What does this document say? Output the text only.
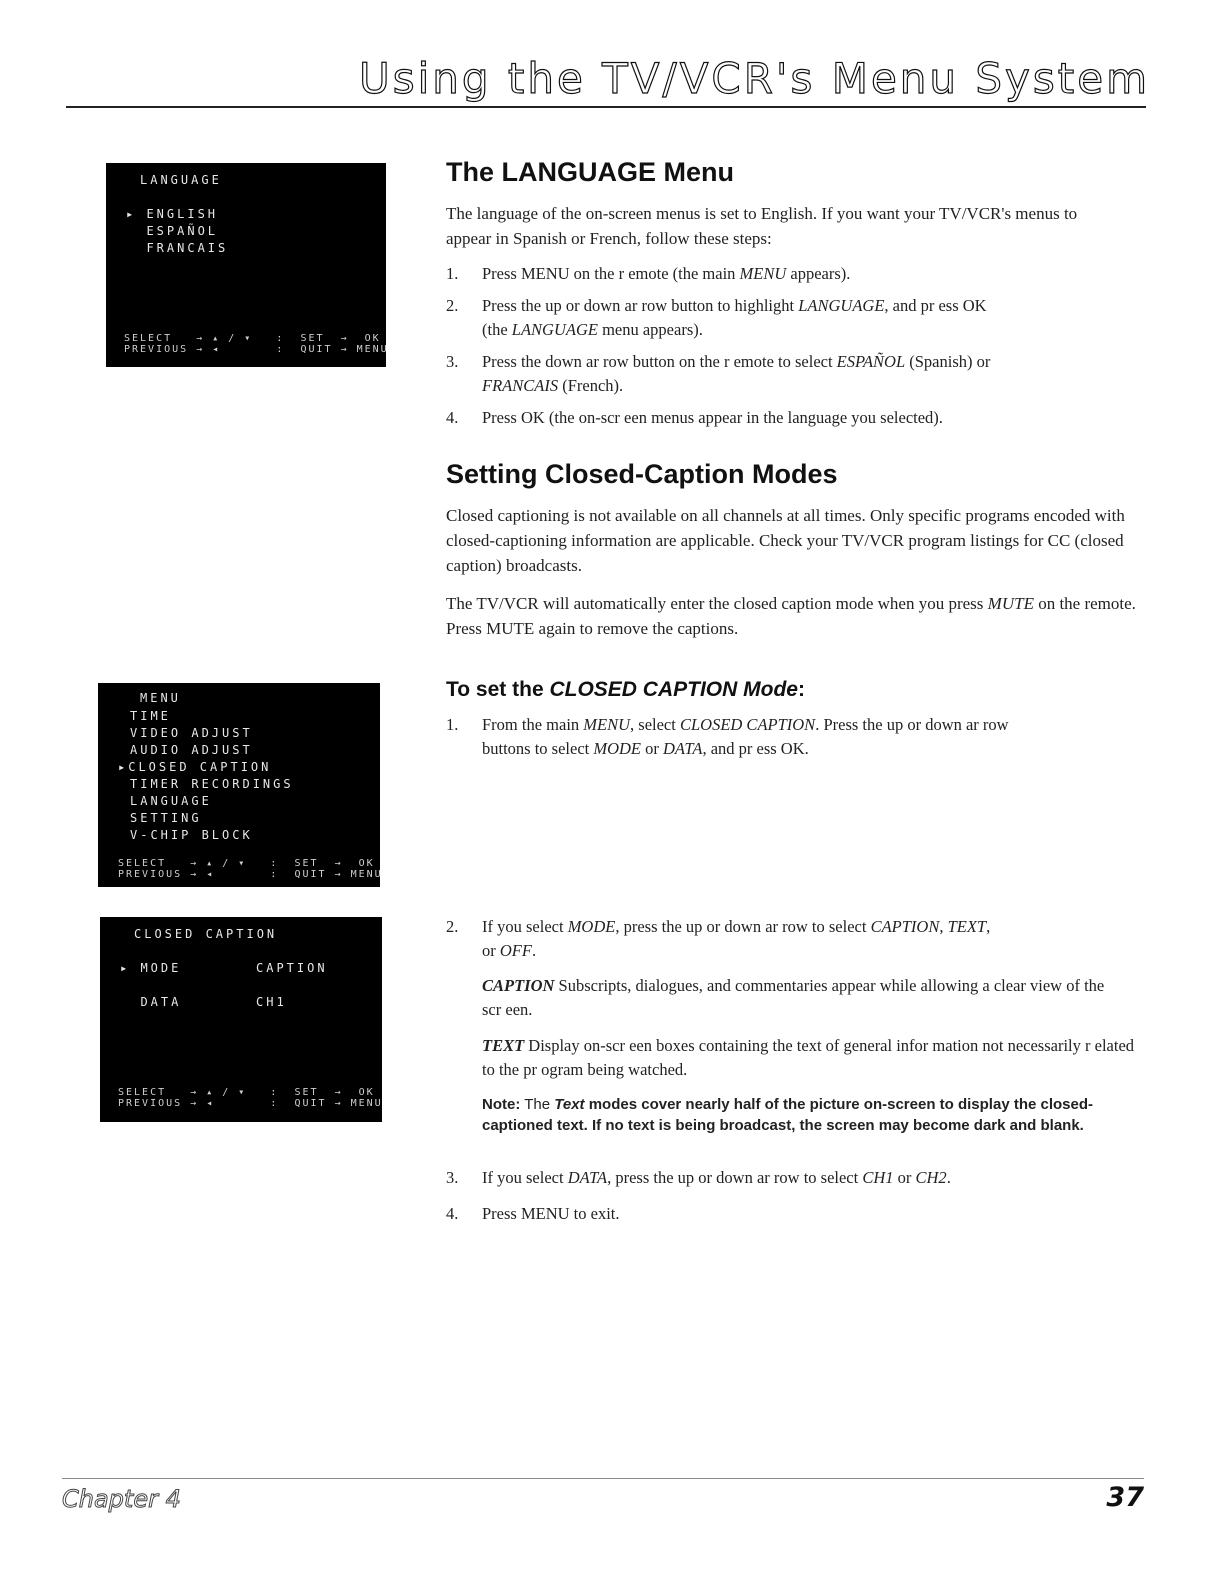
Using the TV/VCR's Menu System
LANGUAGE
▸ ENGLISH
ESPAÑOL
FRANCAIS
SELECT   → ▴ / ▾   :  SET  →  OK
PREVIOUS → ◂       :  QUIT → MENU
MENU
TIME
VIDEO ADJUST
AUDIO ADJUST
▸CLOSED CAPTION
TIMER RECORDINGS
LANGUAGE
SETTING
V-CHIP BLOCK
SELECT   → ▴ / ▾   :  SET  →  OK
PREVIOUS → ◂       :  QUIT → MENU
CLOSED CAPTION
▸ MODE	CAPTION
DATA	CH1
SELECT   → ▴ / ▾   :  SET  →  OK
PREVIOUS → ◂       :  QUIT → MENU
The LANGUAGE Menu

The language of the on-screen menus is set to English. If you want your TV/VCR's menus to appear in Spanish or French, follow these steps:

1. Press MENU on the r emote (the main MENU appears).
2. Press the up or down ar row button to highlight LANGUAGE, and pr ess OK
(the LANGUAGE menu appears).
3. Press the down ar row button on the r emote to select ESPAÑOL (Spanish) or
FRANCAIS (French).
4. Press OK (the on-scr een menus appear in the language you selected).
Setting Closed-Caption Modes

Closed captioning is not available on all channels at all times. Only specific programs encoded with closed-captioning information are applicable. Check your TV/VCR program listings for CC (closed caption) broadcasts.

The TV/VCR will automatically enter the closed caption mode when you press MUTE on the remote. Press MUTE again to remove the captions.

To set the CLOSED CAPTION Mode:
1. From the main MENU, select CLOSED CAPTION. Press the up or down ar row
buttons to select MODE or DATA, and pr ess OK.
2. If you select MODE, press the up or down ar row to select CAPTION, TEXT,
or OFF.
CAPTION Subscripts, dialogues, and commentaries appear while allowing a clear view of the scr een.
TEXT Display on-scr een boxes containing the text of general infor mation not necessarily r elated to the pr ogram being watched.
Note: The Text modes cover nearly half of the picture on-screen to display the closed-captioned text. If no text is being broadcast, the screen may become dark and blank.
3. If you select DATA, press the up or down ar row to select CH1 or CH2.
4. Press MENU to exit.
Chapter 4	37
